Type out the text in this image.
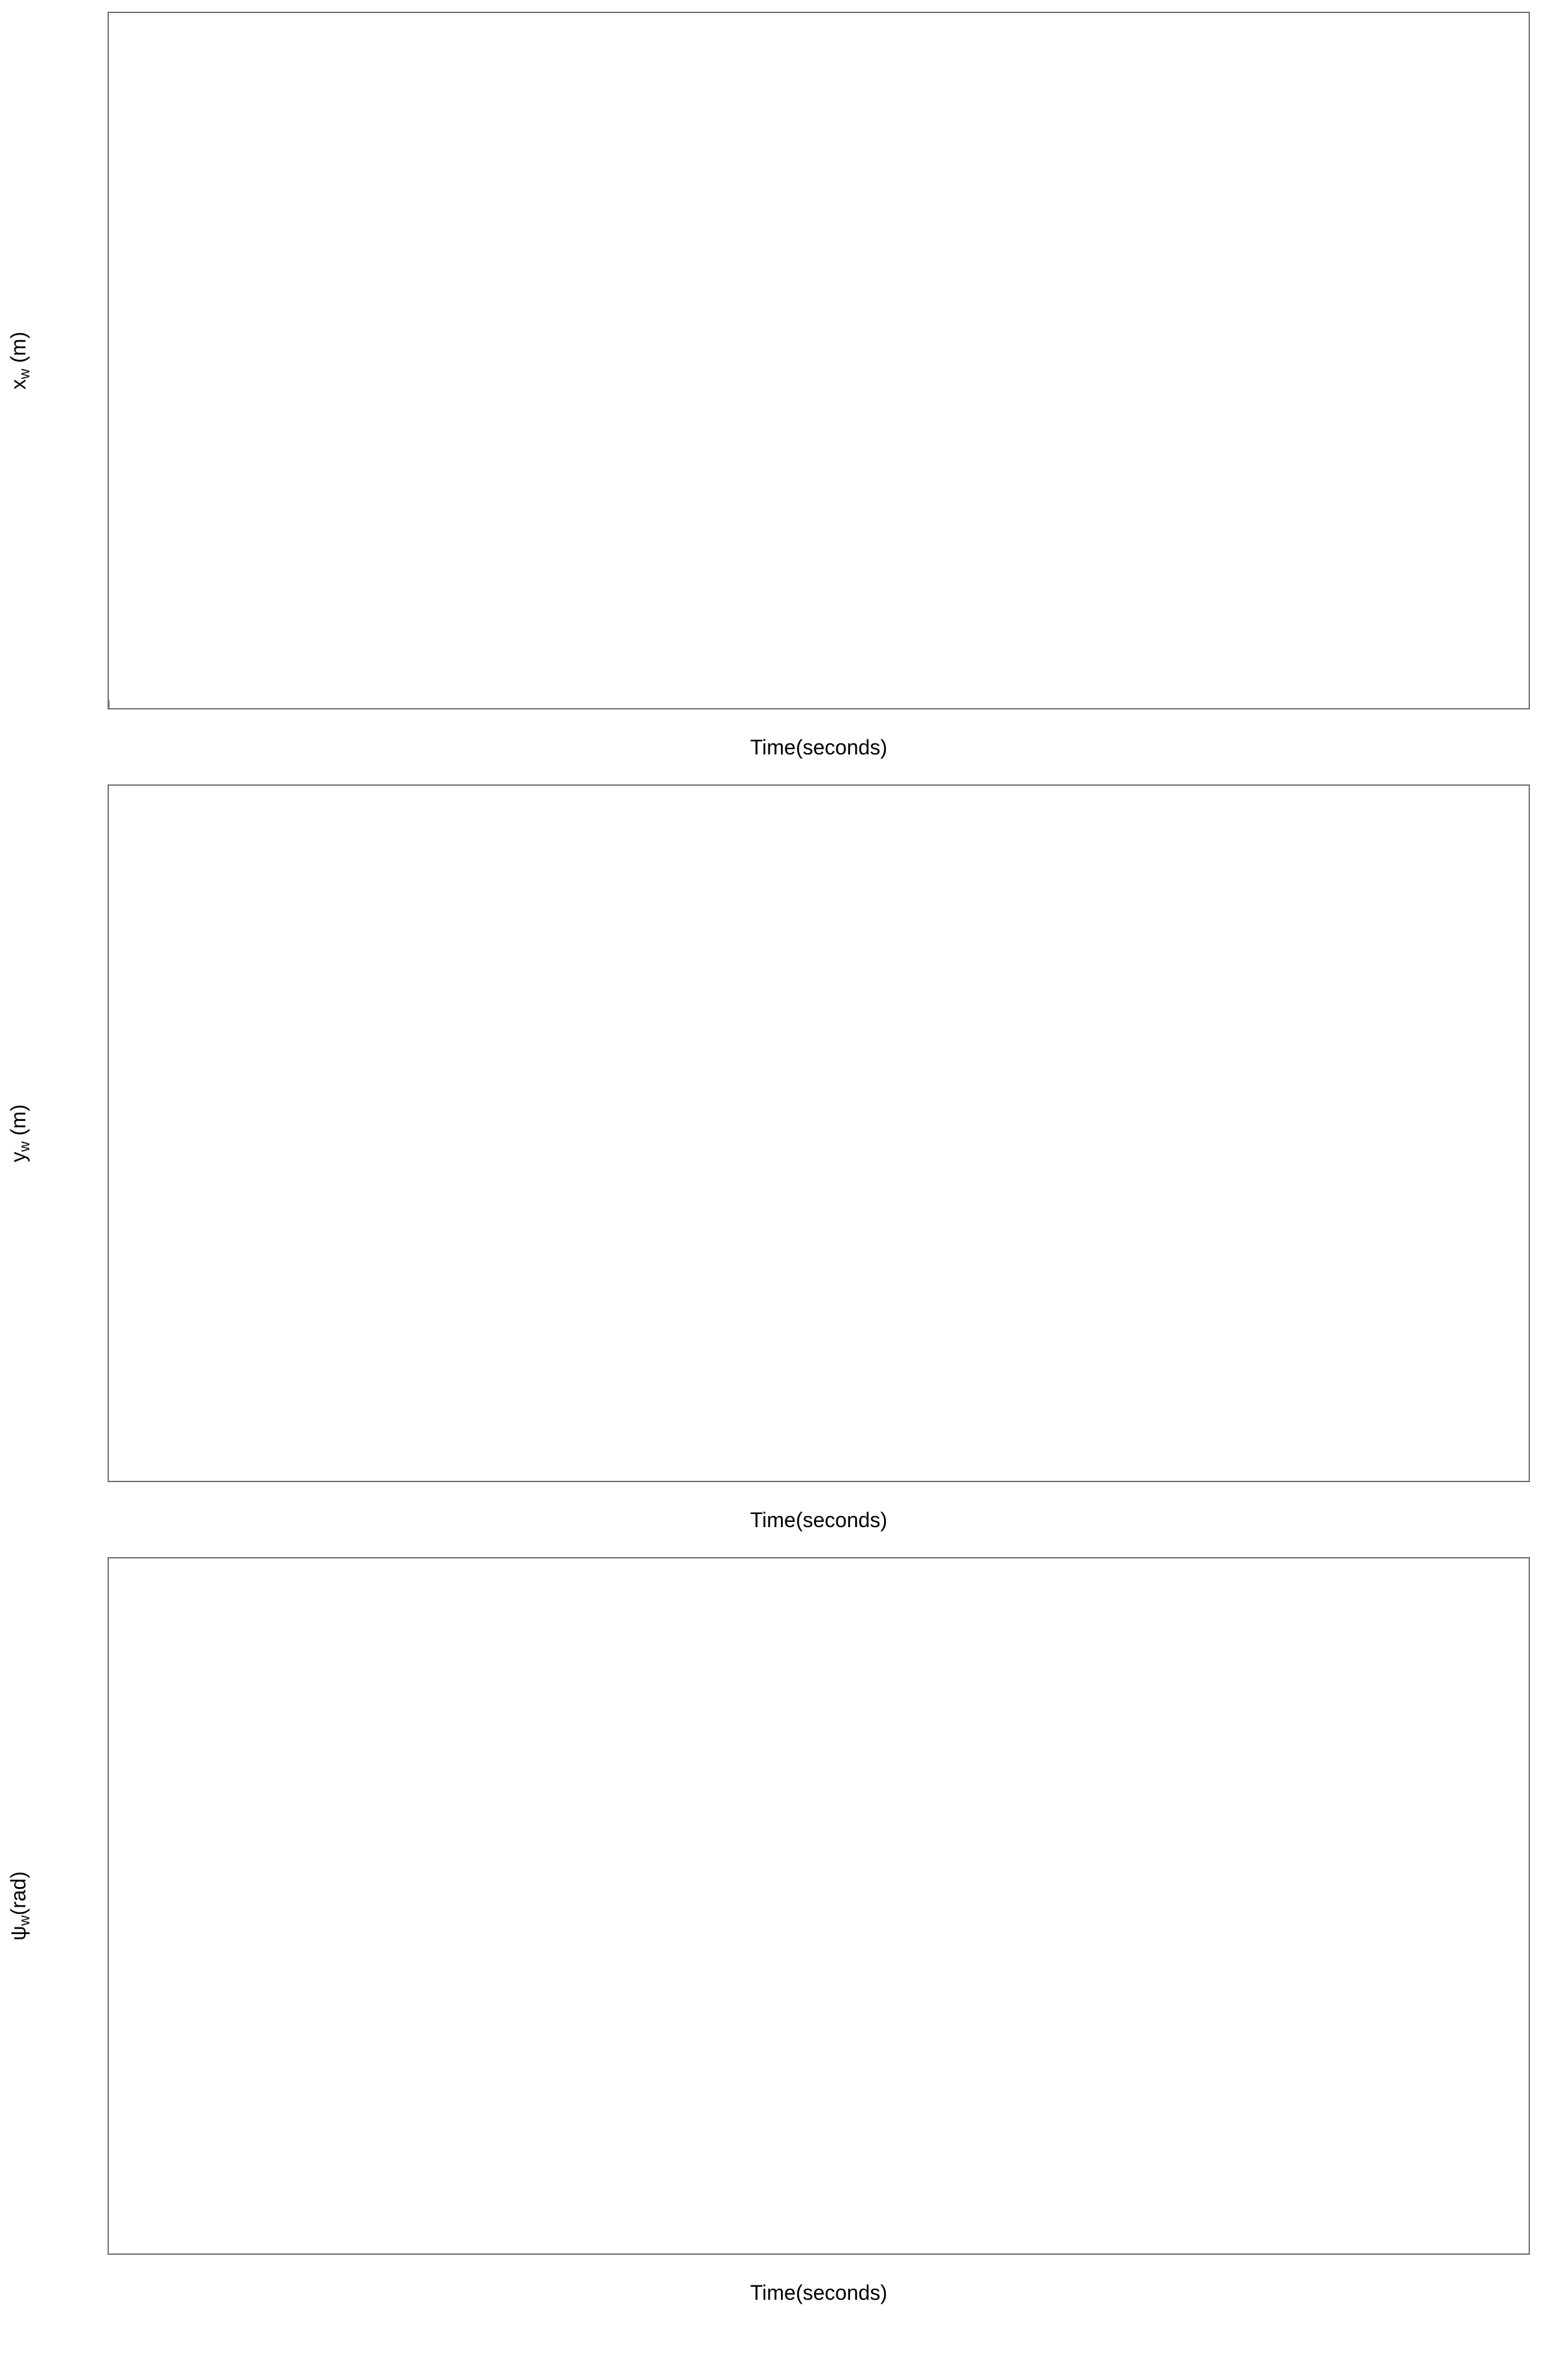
$x_w$ (m)
Time(seconds)
$y_w$ (m)
Time(seconds)
$\psi_w(rad)$
Time(seconds)
